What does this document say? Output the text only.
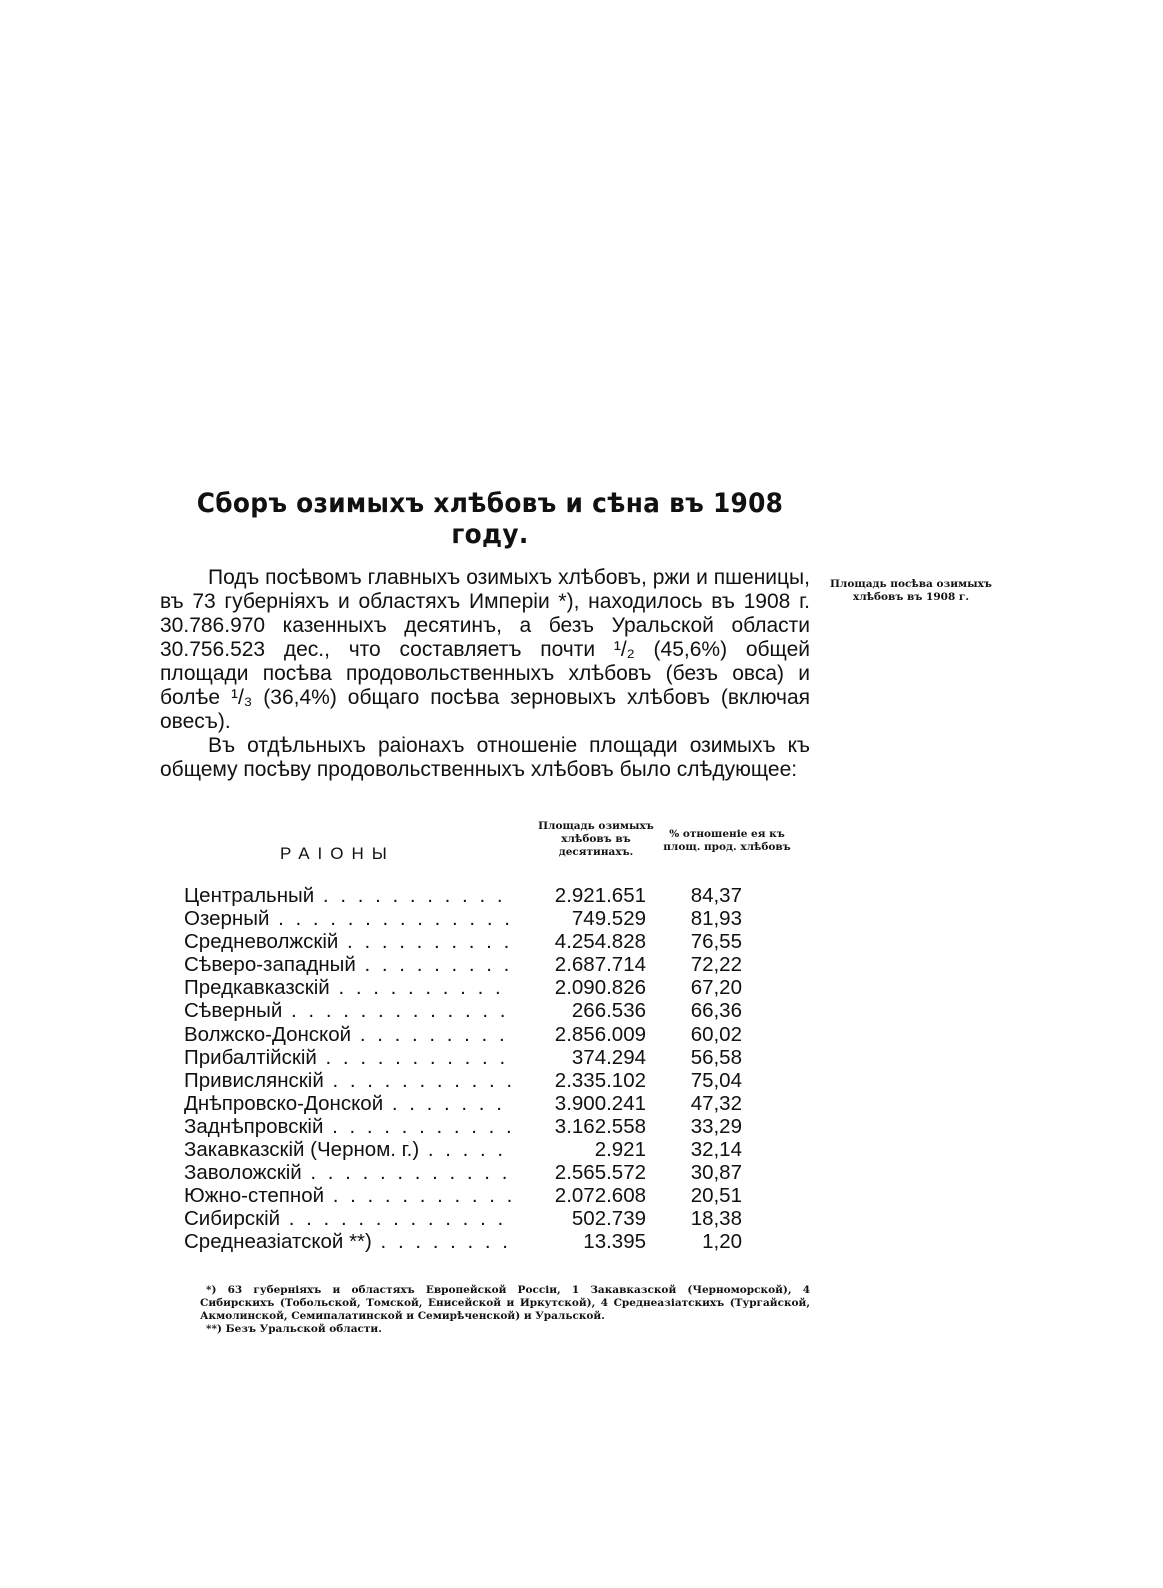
Сборъ озимыхъ хлѣбовъ и сѣна въ 1908 году.

Подъ посѣвомъ главныхъ озимыхъ хлѣбовъ, ржи и пшеницы, въ 73 губерніяхъ и областяхъ Имперіи *), находилось въ 1908 г. 30.786.970 казенныхъ десятинъ, а безъ Уральской области 30.756.523 дес., что составляетъ почти ¹/₂ (45,6%) общей площади посѣва продовольственныхъ хлѣбовъ (безъ овса) и болѣе ¹/₃ (36,4%) общаго посѣва зерновыхъ хлѣбовъ (включая овесъ).

Въ отдѣльныхъ раіонахъ отношеніе площади озимыхъ къ общему посѣву продовольственныхъ хлѣбовъ было слѣдующее:

Площадь посѣва озимыхъ хлѣбовъ въ 1908 г.
РАІОНЫ
Площадь озимыхъ хлѣбовъ въ десятинахъ.
% отношеніе ея къ площ. прод. хлѣбовъ
Центральный . . .	2.921.651	84,37
Озерный . . .	749.529	81,93
Средневолжскій . . .	4.254.828	76,55
Сѣверо-западный . . .	2.687.714	72,22
Предкавказскій . . .	2.090.826	67,20
Сѣверный . . .	266.536	66,36
Волжско-Донской . . .	2.856.009	60,02
Прибалтійскій . . .	374.294	56,58
Привислянскій . . .	2.335.102	75,04
Днѣпровско-Донской . . .	3.900.241	47,32
Заднѣпровскій . . .	3.162.558	33,29
Закавказскій (Черном. г.) . . .	2.921	32,14
Заволожскій . . .	2.565.572	30,87
Южно-степной . . .	2.072.608	20,51
Сибирскій . . .	502.739	18,38
Среднеазіатской **) . . .	13.395	1,20

*) 63 губерніяхъ и областяхъ Европейской Россіи, 1 Закавказской (Черноморской), 4 Сибирскихъ (Тобольской, Томской, Енисейской и Иркутской), 4 Среднеазіатскихъ (Тургайской, Акмолинской, Семипалатинской и Семирѣченской) и Уральской.

**) Безъ Уральской области.
